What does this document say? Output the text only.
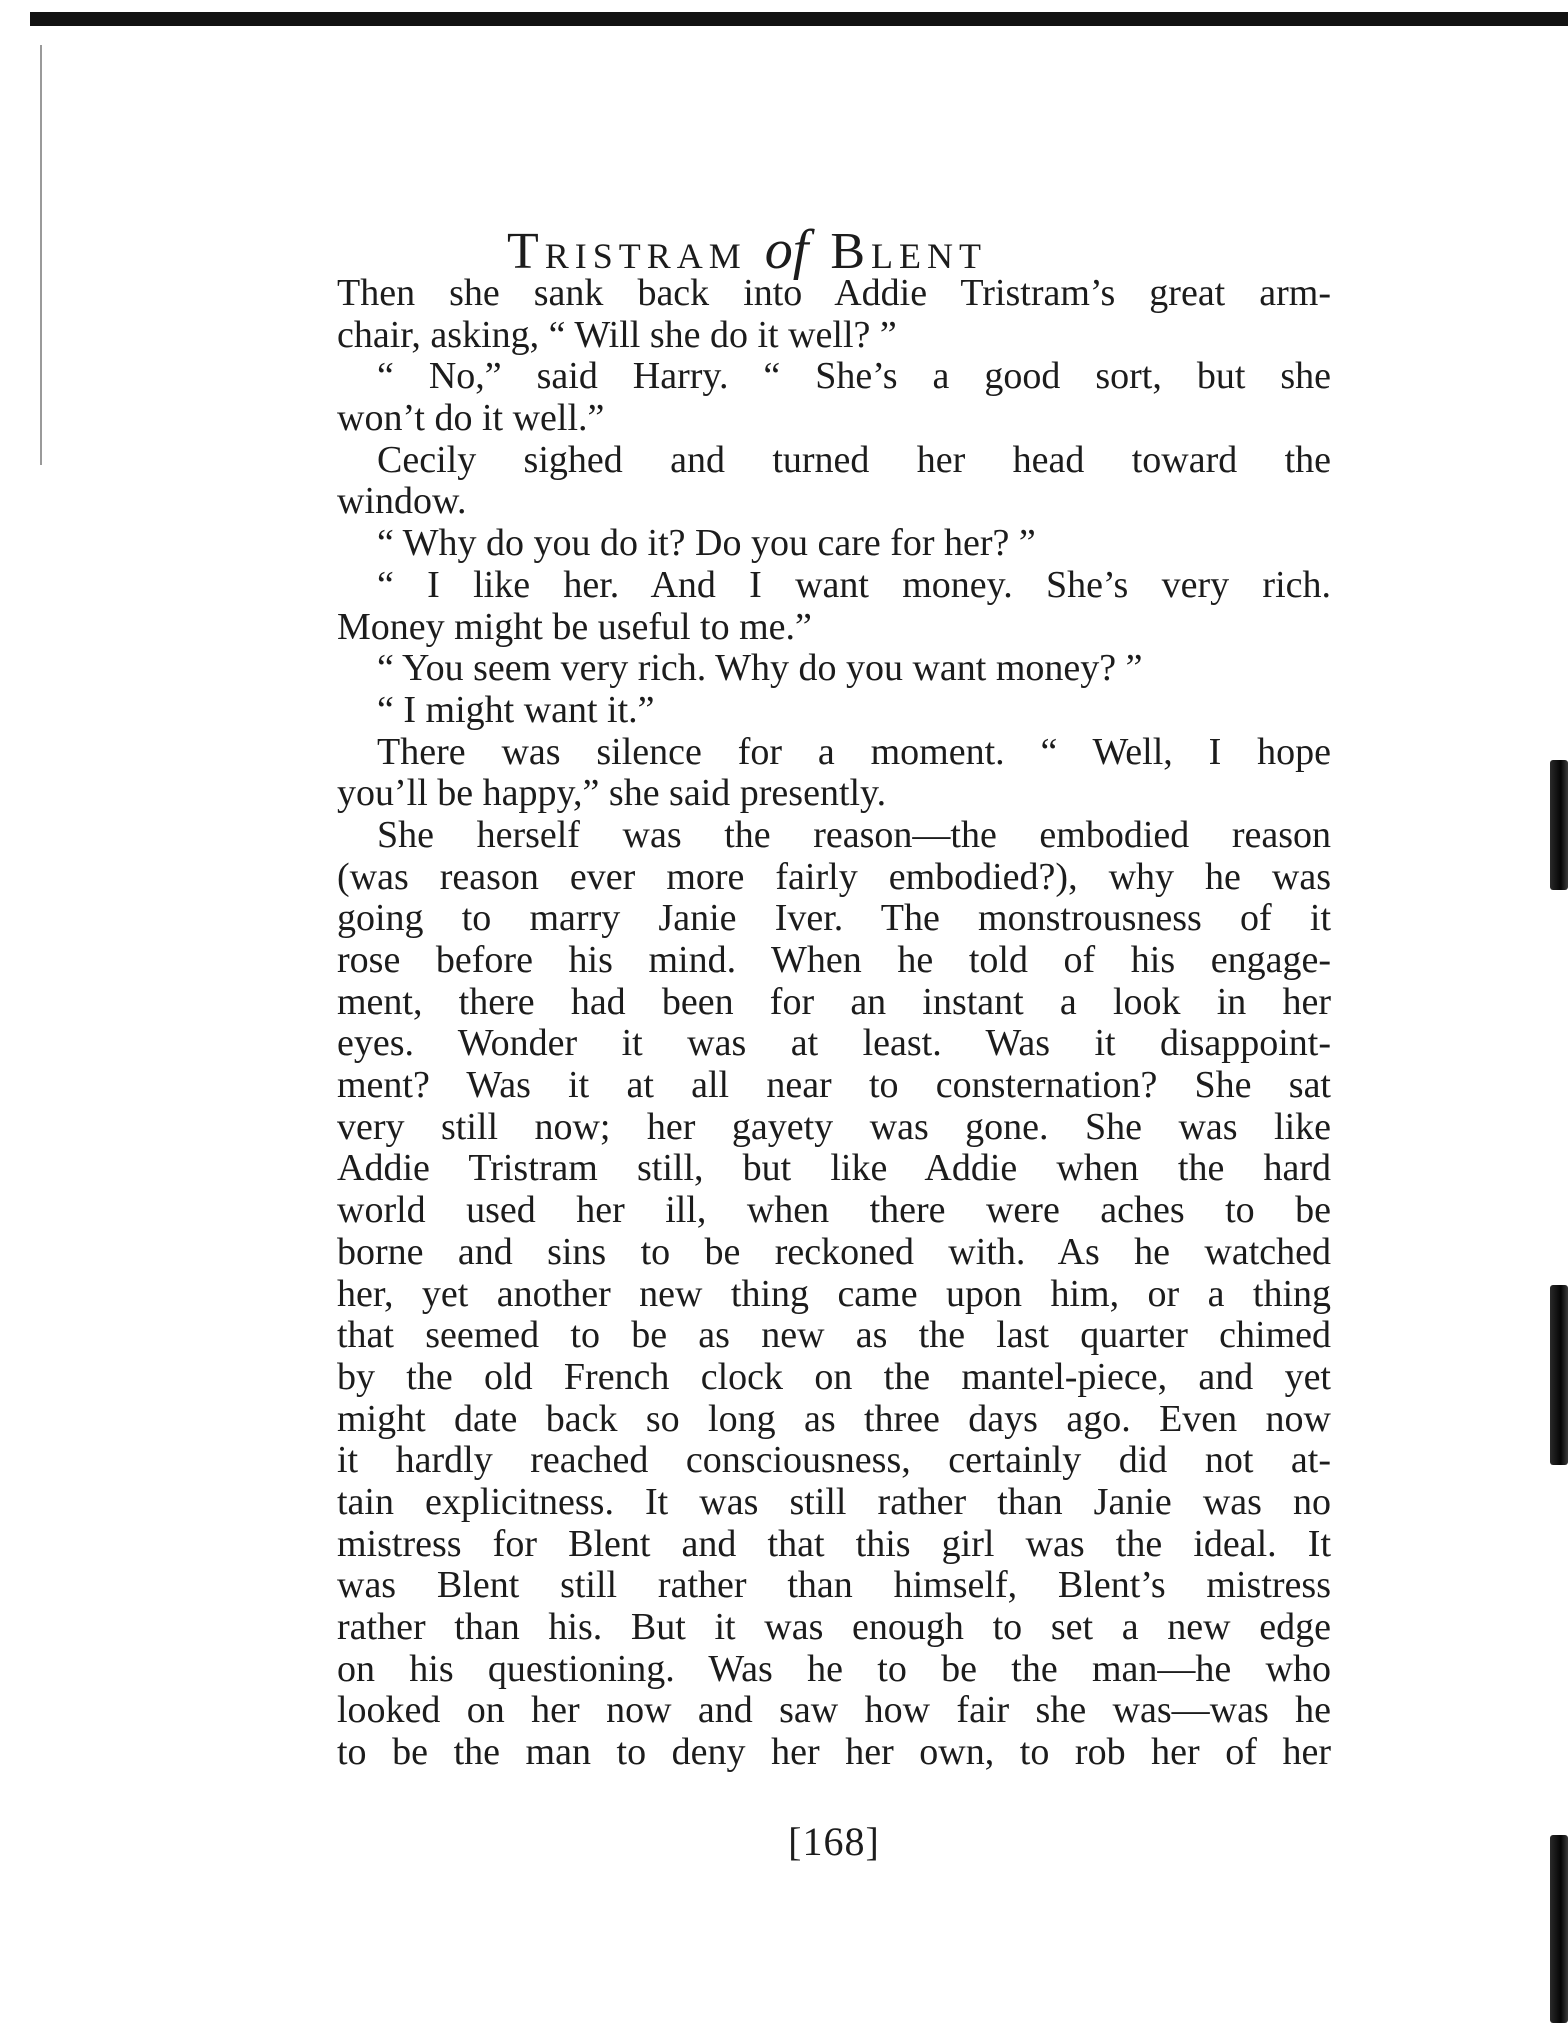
Tristram of Blent
Then she sank back into Addie Tristram’s great arm-
chair, asking, “ Will she do it well? ”
“ No,” said Harry. “ She’s a good sort, but she
won’t do it well.”
Cecily sighed and turned her head toward the
window.
“ Why do you do it? Do you care for her? ”
“ I like her. And I want money. She’s very rich.
Money might be useful to me.”
“ You seem very rich. Why do you want money? ”
“ I might want it.”
There was silence for a moment. “ Well, I hope
you’ll be happy,” she said presently.
She herself was the reason—the embodied reason
(was reason ever more fairly embodied?), why he was
going to marry Janie Iver. The monstrousness of it
rose before his mind. When he told of his engage-
ment, there had been for an instant a look in her
eyes. Wonder it was at least. Was it disappoint-
ment? Was it at all near to consternation? She sat
very still now; her gayety was gone. She was like
Addie Tristram still, but like Addie when the hard
world used her ill, when there were aches to be
borne and sins to be reckoned with. As he watched
her, yet another new thing came upon him, or a thing
that seemed to be as new as the last quarter chimed
by the old French clock on the mantel-piece, and yet
might date back so long as three days ago. Even now
it hardly reached consciousness, certainly did not at-
tain explicitness. It was still rather than Janie was no
mistress for Blent and that this girl was the ideal. It
was Blent still rather than himself, Blent’s mistress
rather than his. But it was enough to set a new edge
on his questioning. Was he to be the man—he who
looked on her now and saw how fair she was—was he
to be the man to deny her her own, to rob her of her
[168]
